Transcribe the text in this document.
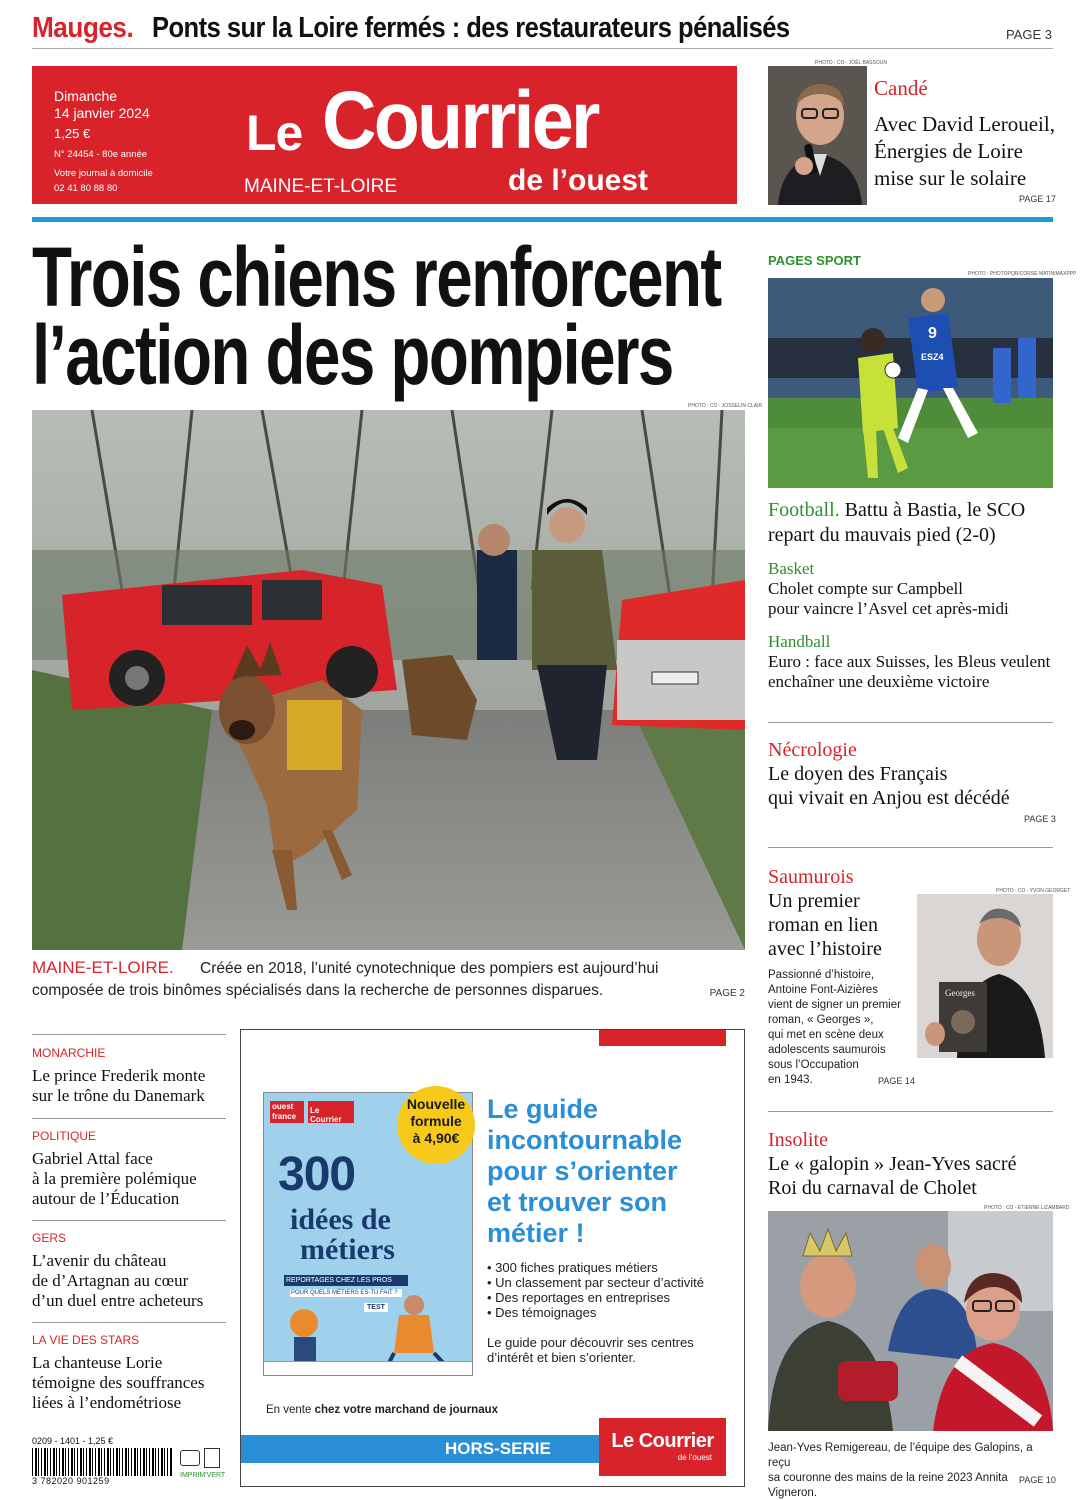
Mauges. Ponts sur la Loire fermés : des restaurateurs pénalisés	PAGE 3
Dimanche
14 janvier 2024
1,25 €
N° 24454 - 80e année
Votre journal à domicile
02 41 80 88 80
Le Courrier
MAINE-ET-LOIRE	de l’ouest
PHOTO : CO - JOËL BASSOUN
Candé
Avec David Leroueil,
Énergies de Loire
mise sur le solaire
PAGE 17
Trois chiens renforcent
l’action des pompiers
PHOTO : CO - JOSSELIN CLAIR
MAINE-ET-LOIRE. Créée en 2018, l’unité cynotechnique des pompiers est aujourd’hui
composée de trois binômes spécialisés dans la recherche de personnes disparues.	PAGE 2
PAGES SPORT
PHOTO : PHOTOPQR/CORSE MATIN/MAXPPP
9
ESZ4
Football. Battu à Bastia, le SCO
repart du mauvais pied (2-0)
Basket
Cholet compte sur Campbell
pour vaincre l’Asvel cet après-midi
Handball
Euro : face aux Suisses, les Bleus veulent
enchaîner une deuxième victoire
Nécrologie
Le doyen des Français
qui vivait en Anjou est décédé
PAGE 3
Saumurois
Un premier
roman en lien
avec l’histoire
PHOTO : CO - YVON GEORGET
Georges
Passionné d’histoire,
Antoine Font-Aizières
vient de signer un premier
roman, « Georges »,
qui met en scène deux
adolescents saumurois
sous l’Occupation
en 1943.	PAGE 14
Insolite
Le « galopin » Jean-Yves sacré
Roi du carnaval de Cholet
PHOTO : CO - ÉTIENNE LIZAMBARD
Jean-Yves Remigereau, de l’équipe des Galopins, a reçu
sa couronne des mains de la reine 2023 Annita Vigneron.
PAGE 10
MONARCHIE
Le prince Frederik monte
sur le trône du Danemark
POLITIQUE
Gabriel Attal face
à la première polémique
autour de l’Éducation
GERS
L’avenir du château
de d’Artagnan au cœur
d’un duel entre acheteurs
LA VIE DES STARS
La chanteuse Lorie
témoigne des souffrances
liées à l’endométriose
0209 - 1401 - 1,25 €
3 782020 901259
IMPRIM'VERT
ouest france
Le Courrier
300
idées de
métiers
REPORTAGES CHEZ LES PROS
POUR QUELS MÉTIERS ES-TU FAIT ?
TEST
Nouvelle
formule
à 4,90€
Le guide
incontournable
pour s’orienter
et trouver son
métier !
• 300 fiches pratiques métiers
• Un classement par secteur d’activité
• Des reportages en entreprises
• Des témoignages
Le guide pour découvrir ses centres
d’intérêt et bien s’orienter.
En vente chez votre marchand de journaux
HORS-SERIE	Le Courrier
de l’ouest
